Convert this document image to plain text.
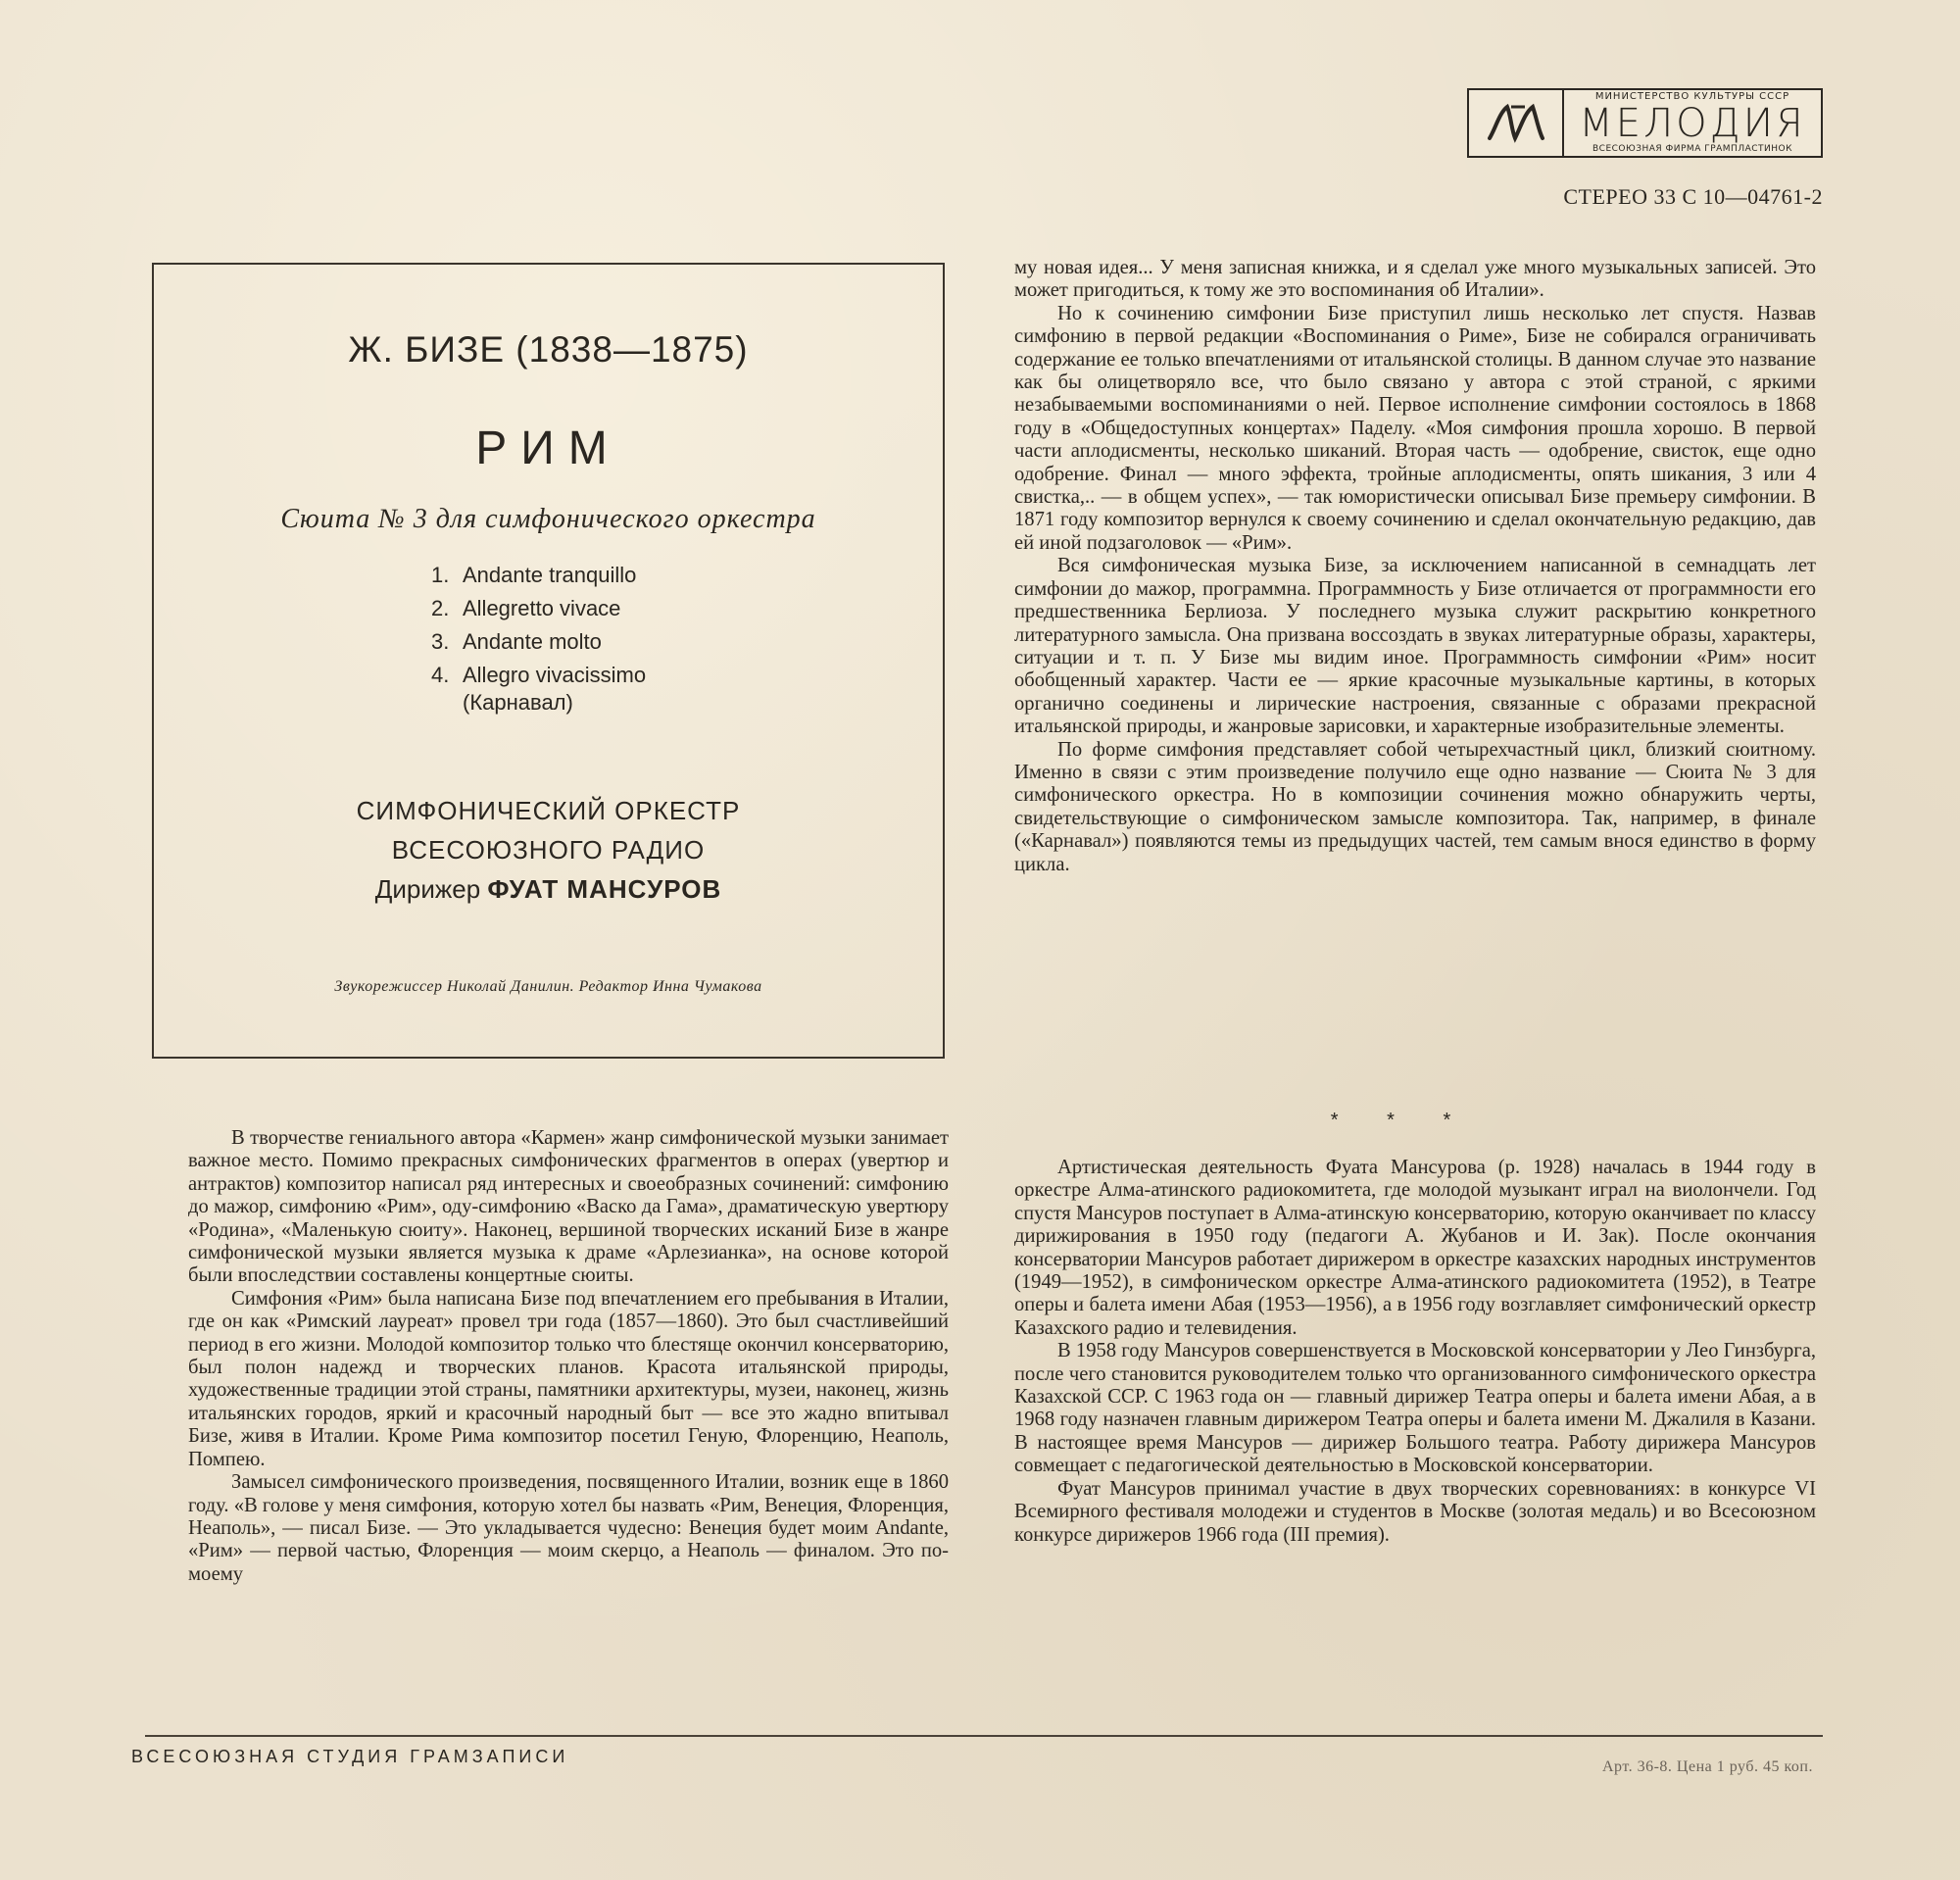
МИНИСТЕРСТВО КУЛЬТУРЫ СССР
МЕЛОДИЯ
ВСЕСОЮЗНАЯ ФИРМА ГРАМПЛАСТИНОК
СТЕРЕО 33 С 10—04761-2
Ж. БИЗЕ (1838—1875)
РИМ
Сюита № 3 для симфонического оркестра
1. Andante tranquillo
2. Allegretto vivace
3. Andante molto
4. Allegro vivacissimo
(Карнавал)
СИМФОНИЧЕСКИЙ ОРКЕСТР
ВСЕСОЮЗНОГО РАДИО
Дирижер ФУАТ МАНСУРОВ
Звукорежиссер Николай Данилин. Редактор Инна Чумакова

В творчестве гениального автора «Кармен» жанр симфонической музыки занимает важное место. Помимо прекрасных симфонических фрагментов в операх (увертюр и антрактов) композитор написал ряд интересных и своеобразных сочинений: симфонию до мажор, симфонию «Рим», оду-симфонию «Васко да Гама», драматическую увертюру «Родина», «Маленькую сюиту». Наконец, вершиной творческих исканий Бизе в жанре симфонической музыки является музыка к драме «Арлезианка», на основе которой были впоследствии составлены концертные сюиты.

Симфония «Рим» была написана Бизе под впечатлением его пребывания в Италии, где он как «Римский лауреат» провел три года (1857—1860). Это был счастливейший период в его жизни. Молодой композитор только что блестяще окончил консерваторию, был полон надежд и творческих планов. Красота итальянской природы, художественные традиции этой страны, памятники архитектуры, музеи, наконец, жизнь итальянских городов, яркий и красочный народный быт — все это жадно впитывал Бизе, живя в Италии. Кроме Рима композитор посетил Геную, Флоренцию, Неаполь, Помпею.

Замысел симфонического произведения, посвященного Италии, возник еще в 1860 году. «В голове у меня симфония, которую хотел бы назвать «Рим, Венеция, Флоренция, Неаполь», — писал Бизе. — Это укладывается чудесно: Венеция будет моим Andante, «Рим» — первой частью, Флоренция — моим скерцо, а Неаполь — финалом. Это по-моему

му новая идея... У меня записная книжка, и я сделал уже много музыкальных записей. Это может пригодиться, к тому же это воспоминания об Италии».

Но к сочинению симфонии Бизе приступил лишь несколько лет спустя. Назвав симфонию в первой редакции «Воспоминания о Риме», Бизе не собирался ограничивать содержание ее только впечатлениями от итальянской столицы. В данном случае это название как бы олицетворяло все, что было связано у автора с этой страной, с яркими незабываемыми воспоминаниями о ней. Первое исполнение симфонии состоялось в 1868 году в «Общедоступных концертах» Паделу. «Моя симфония прошла хорошо. В первой части аплодисменты, несколько шиканий. Вторая часть — одобрение, свисток, еще одно одобрение. Финал — много эффекта, тройные аплодисменты, опять шикания, 3 или 4 свистка,.. — в общем успех», — так юмористически описывал Бизе премьеру симфонии. В 1871 году композитор вернулся к своему сочинению и сделал окончательную редакцию, дав ей иной подзаголовок — «Рим».

Вся симфоническая музыка Бизе, за исключением написанной в семнадцать лет симфонии до мажор, программна. Программность у Бизе отличается от программности его предшественника Берлиоза. У последнего музыка служит раскрытию конкретного литературного замысла. Она призвана воссоздать в звуках литературные образы, характеры, ситуации и т. п. У Бизе мы видим иное. Программность симфонии «Рим» носит обобщенный характер. Части ее — яркие красочные музыкальные картины, в которых органично соединены и лирические настроения, связанные с образами прекрасной итальянской природы, и жанровые зарисовки, и характерные изобразительные элементы.

По форме симфония представляет собой четырехчастный цикл, близкий сюитному. Именно в связи с этим произведение получило еще одно название — Сюита № 3 для симфонического оркестра. Но в композиции сочинения можно обнаружить черты, свидетельствующие о симфоническом замысле композитора. Так, например, в финале («Карнавал») появляются темы из предыдущих частей, тем самым внося единство в форму цикла.

* * *

Артистическая деятельность Фуата Мансурова (р. 1928) началась в 1944 году в оркестре Алма-атинского радиокомитета, где молодой музыкант играл на виолончели. Год спустя Мансуров поступает в Алма-атинскую консерваторию, которую оканчивает по классу дирижирования в 1950 году (педагоги А. Жубанов и И. Зак). После окончания консерватории Мансуров работает дирижером в оркестре казахских народных инструментов (1949—1952), в симфоническом оркестре Алма-атинского радиокомитета (1952), в Театре оперы и балета имени Абая (1953—1956), а в 1956 году возглавляет симфонический оркестр Казахского радио и телевидения.

В 1958 году Мансуров совершенствуется в Московской консерватории у Лео Гинзбурга, после чего становится руководителем только что организованного симфонического оркестра Казахской ССР. С 1963 года он — главный дирижер Театра оперы и балета имени Абая, а в 1968 году назначен главным дирижером Театра оперы и балета имени М. Джалиля в Казани. В настоящее время Мансуров — дирижер Большого театра. Работу дирижера Мансуров совмещает с педагогической деятельностью в Московской консерватории.

Фуат Мансуров принимал участие в двух творческих соревнованиях: в конкурсе VI Всемирного фестиваля молодежи и студентов в Москве (золотая медаль) и во Всесоюзном конкурсе дирижеров 1966 года (III премия).

ВСЕСОЮЗНАЯ СТУДИЯ ГРАМЗАПИСИ
Арт. 36-8. Цена 1 руб. 45 коп.
